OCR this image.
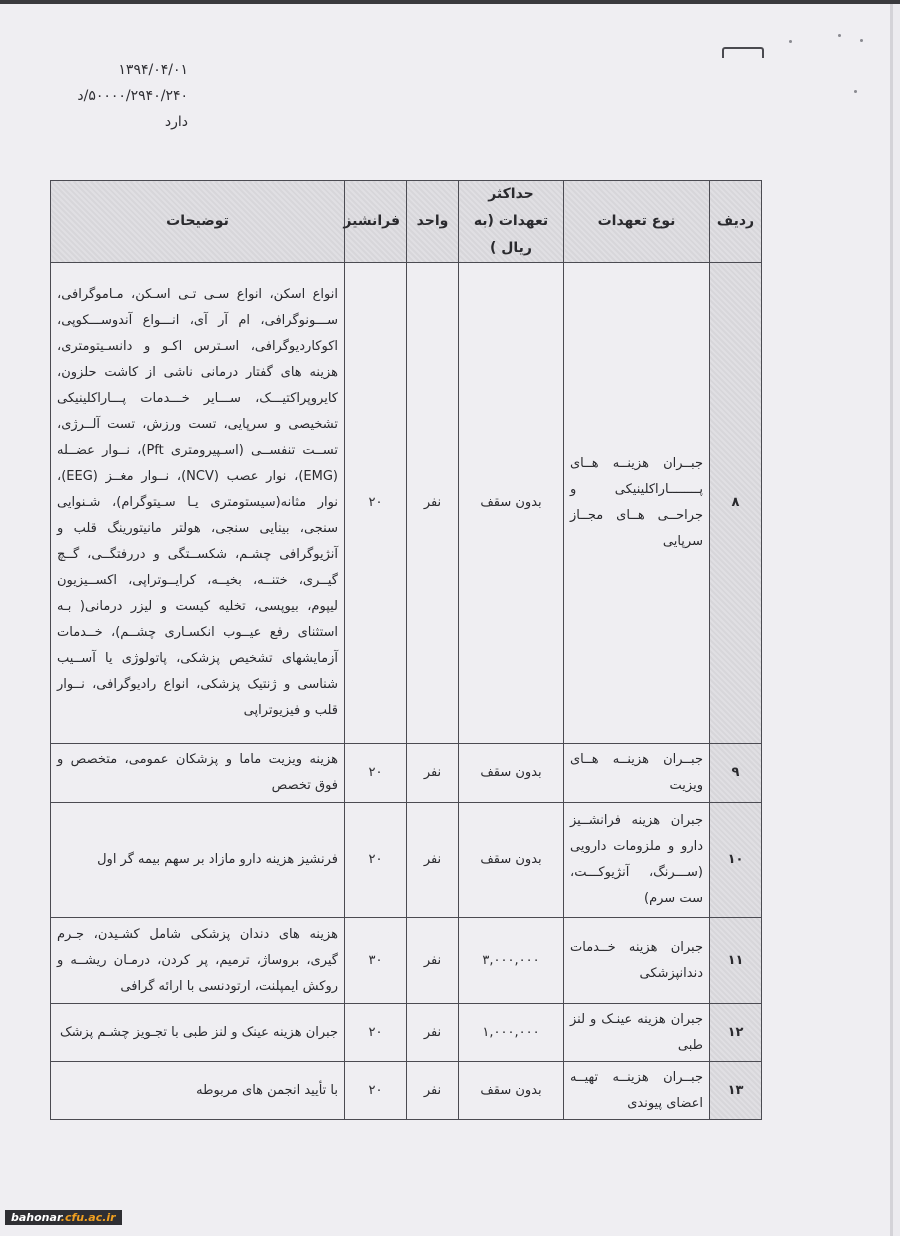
۱۳۹۴/۰۴/۰۱
۵۰۰۰۰/۲۹۴۰/۲۴۰/د
دارد
ردیف	نوع تعهدات	حداکثر تعهدات (به ریال )	واحد	فرانشیز	توضیحات
۸	جبــران هزینــه هــای پــــــــاراکلینیکی و جراحــی هــای مجــاز سرپایی	بدون سقف	نفر	۲۰	انواع اسکن، انواع سـی تـی اسـکن، مـاموگرافی، ســـونوگرافی، ام آر آی، انـــواع آندوســـکوپی، اکوکاردیوگرافی، اسـترس اکـو و دانسـیتومتری، هزینه های گفتار درمانی ناشی از کاشت حلزون، کایروپراکتیـــک، ســـایر خـــدمات پـــاراکلینیکی تشخیصی و سرپایی، تست ورزش، تست آلــرژی، تســت تنفســی (اسـپیرومتری Pft)، نــوار عضــله (EMG)، نوار عصب (NCV)، نــوار مغــز (EEG)، نوار مثانه(سیستومتری یـا سـیتوگرام)، شـنوایی سنجی، بینایی سنجی، هولتر مانیتورینگ قلب و آنژیوگرافی چشـم، شکســتگی و دررفتگــی، گــچ گیــری، ختنــه، بخیــه، کرایــوتراپی، اکســیزیون لیپوم، بیوپسی، تخلیه کیست و لیزر درمانی( بـه استثنای رفع عیــوب انکسـاری چشــم)، خــدمات آزمایشهای تشخیص پزشکی، پاتولوژی یا آســیب شناسی و ژنتیک پزشکی، انواع رادیوگرافی، نــوار قلب و فیزیوتراپی
۹	جبــران هزینــه هــای ویزیت	بدون سقف	نفر	۲۰	هزینه ویزیت ماما و پزشکان عمومی، متخصص و فوق تخصص
۱۰	جبران هزینه فرانشــیز دارو و ملزومات دارویی (ســـرنگ، آنژیوکـــت، ست سرم)	بدون سقف	نفر	۲۰	فرنشیز هزینه دارو مازاد بر سهم بیمه گر اول
۱۱	جبران هزینه خــدمات دندانپزشکی	۳,۰۰۰,۰۰۰	نفر	۳۰	هزینه های دندان پزشکی شامل کشـیدن، جـرم گیری، بروساژ، ترمیم، پر کردن، درمـان ریشــه و روکش ایمپلنت، ارتودنسی با ارائه گرافی
۱۲	جبران هزینه عینـک و لنز طبی	۱,۰۰۰,۰۰۰	نفر	۲۰	جبران هزینه عینک و لنز طبی با تجـویز چشـم پزشک
۱۳	جبــران هزینــه تهیــه اعضای پیوندی	بدون سقف	نفر	۲۰	با تأیید انجمن های مربوطه
bahonar.cfu.ac.ir
